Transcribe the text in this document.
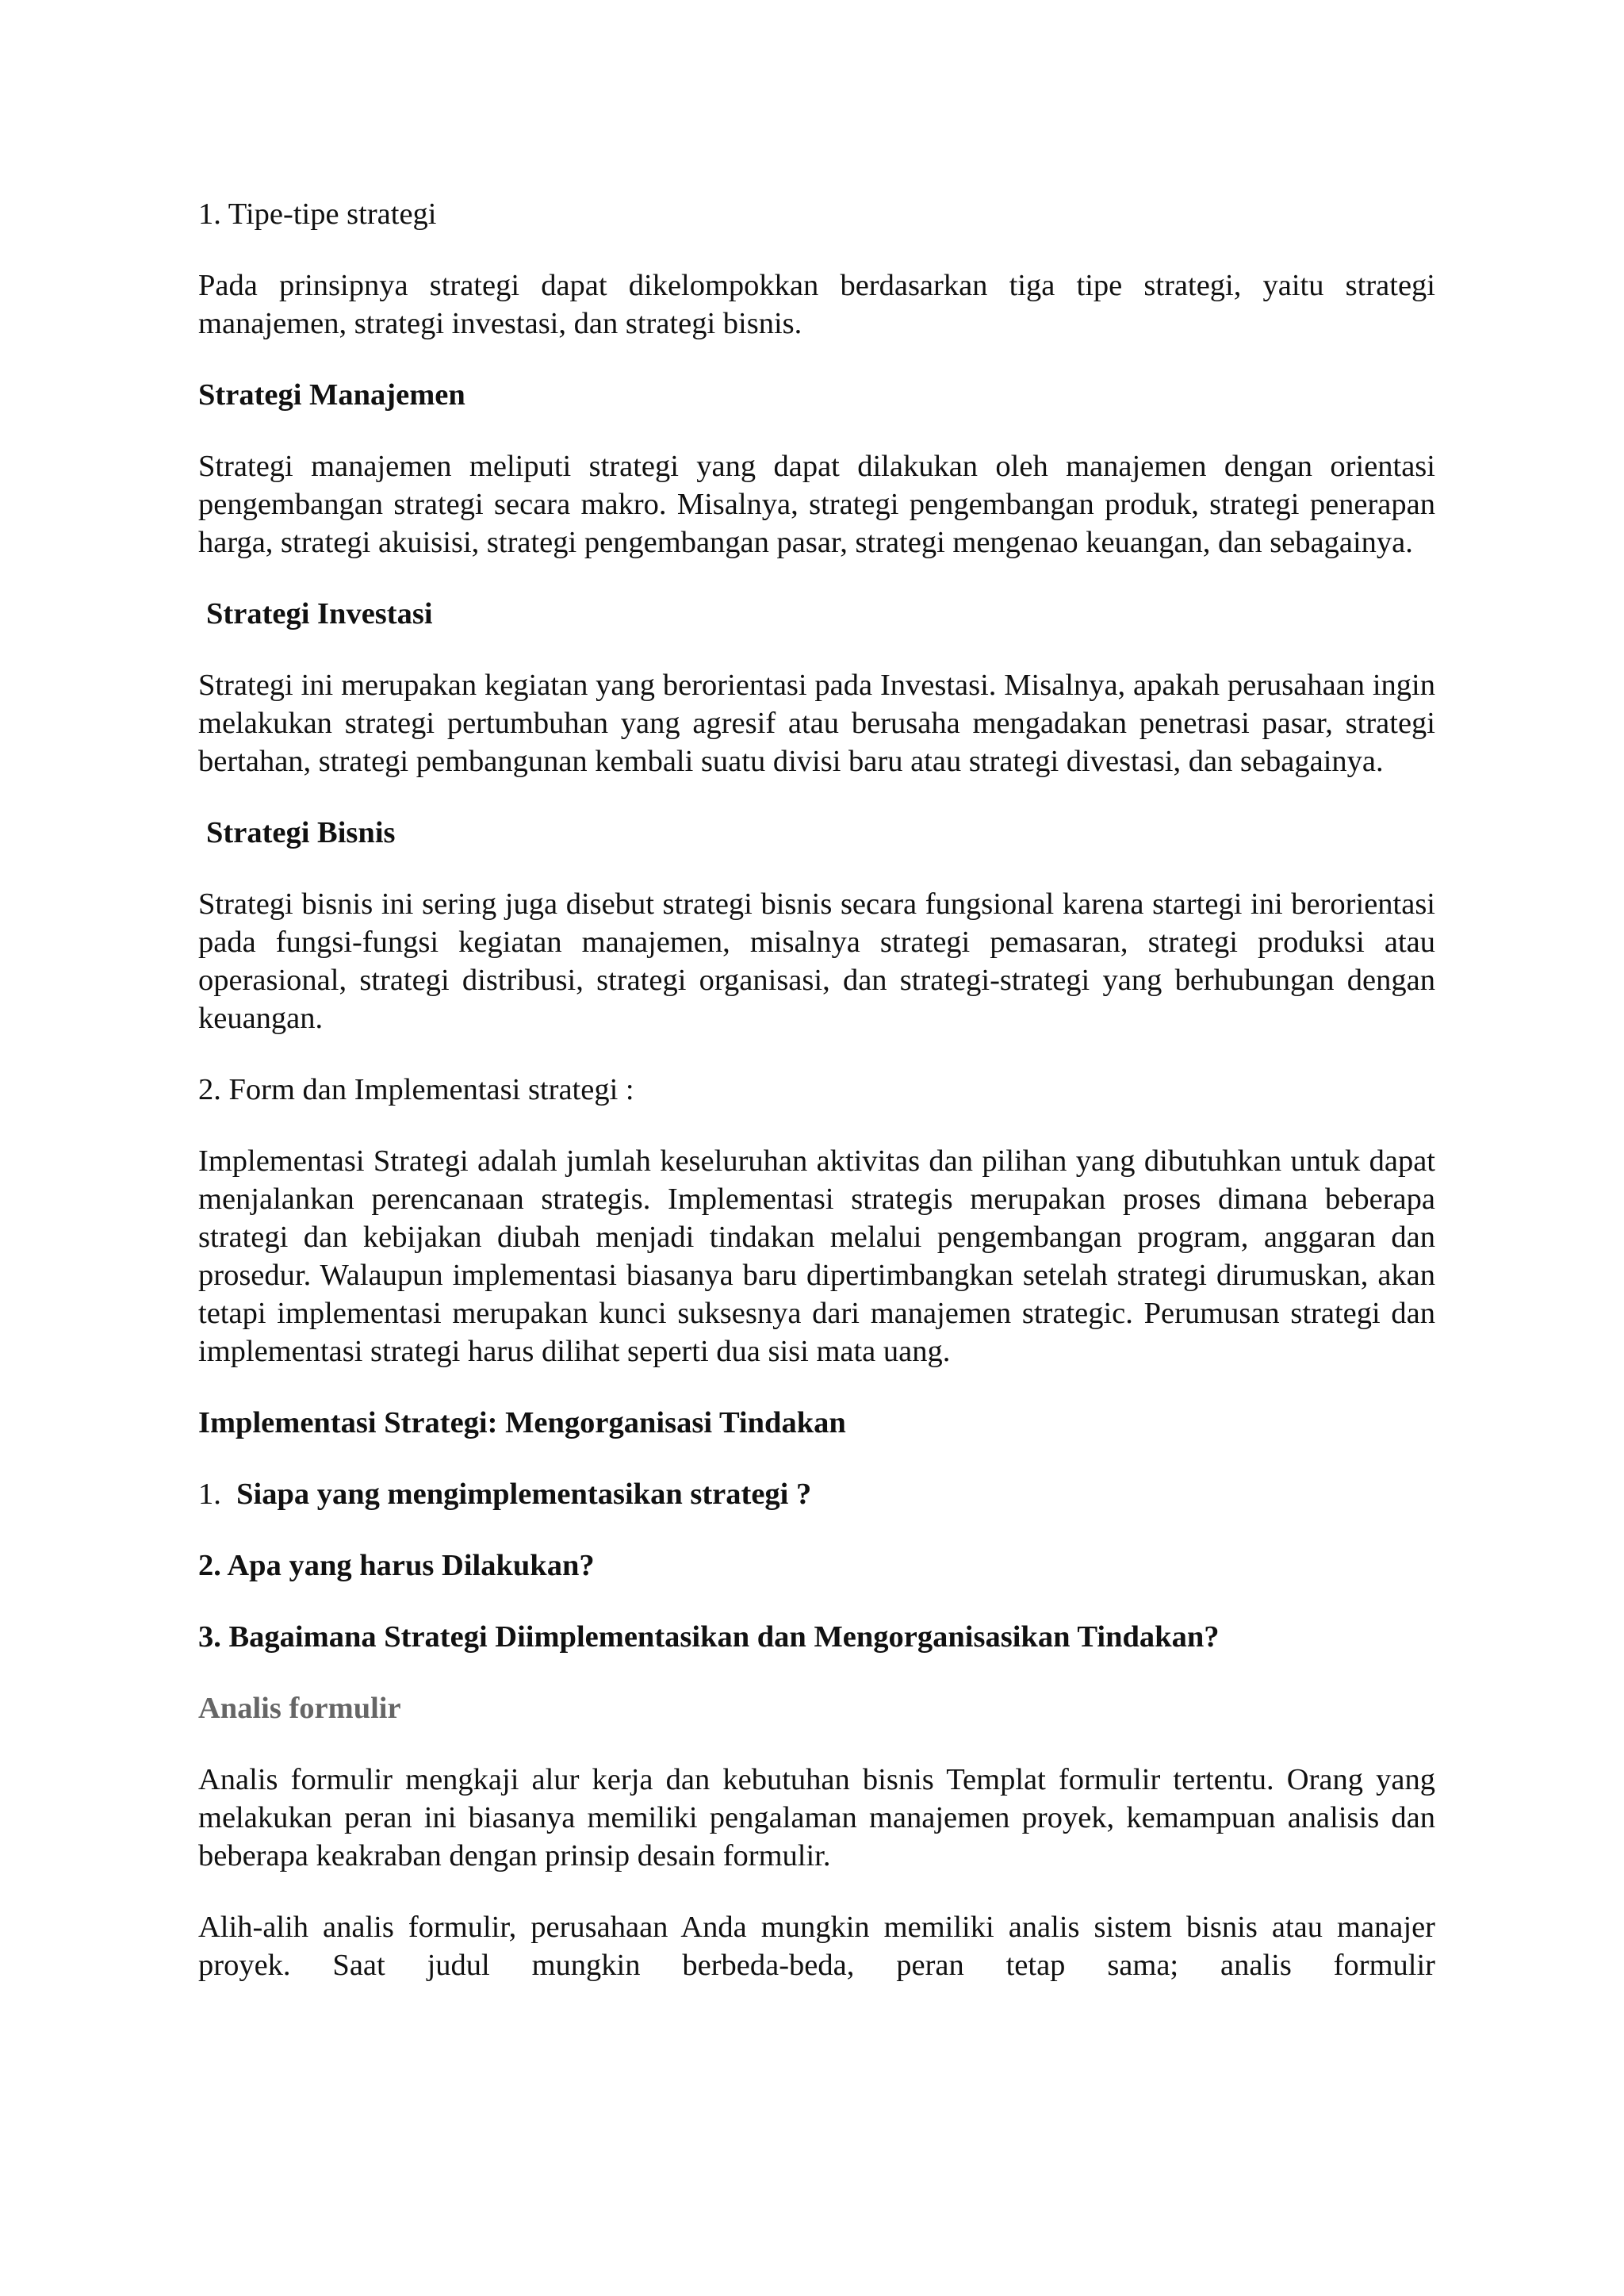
1. Tipe-tipe strategi

Pada prinsipnya strategi dapat dikelompokkan berdasarkan tiga tipe strategi, yaitu strategi manajemen, strategi investasi, dan strategi bisnis.

Strategi Manajemen

Strategi manajemen meliputi strategi yang dapat dilakukan oleh manajemen dengan orientasi pengembangan strategi secara makro. Misalnya, strategi pengembangan produk, strategi penerapan harga, strategi akuisisi, strategi pengembangan pasar, strategi mengenao keuangan, dan sebagainya.

Strategi Investasi

Strategi ini merupakan kegiatan yang berorientasi pada Investasi. Misalnya, apakah perusahaan ingin melakukan strategi pertumbuhan yang agresif atau berusaha mengadakan penetrasi pasar, strategi bertahan, strategi pembangunan kembali suatu divisi baru atau strategi divestasi, dan sebagainya.

Strategi Bisnis

Strategi bisnis ini sering juga disebut strategi bisnis secara fungsional karena startegi ini berorientasi pada fungsi-fungsi kegiatan manajemen, misalnya strategi pemasaran, strategi produksi atau operasional, strategi distribusi, strategi organisasi, dan strategi-strategi yang berhubungan dengan keuangan.

2. Form dan Implementasi strategi :

Implementasi Strategi adalah jumlah keseluruhan aktivitas dan pilihan yang dibutuhkan untuk dapat menjalankan perencanaan strategis. Implementasi strategis merupakan proses dimana beberapa strategi dan kebijakan diubah menjadi tindakan melalui pengembangan program, anggaran dan prosedur. Walaupun implementasi biasanya baru dipertimbangkan setelah strategi dirumuskan, akan tetapi implementasi merupakan kunci suksesnya dari manajemen strategic. Perumusan strategi dan implementasi strategi harus dilihat seperti dua sisi mata uang.

Implementasi Strategi: Mengorganisasi Tindakan

1. Siapa yang mengimplementasikan strategi ?

2. Apa yang harus Dilakukan?

3. Bagaimana Strategi Diimplementasikan dan Mengorganisasikan Tindakan?

Analis formulir

Analis formulir mengkaji alur kerja dan kebutuhan bisnis Templat formulir tertentu. Orang yang melakukan peran ini biasanya memiliki pengalaman manajemen proyek, kemampuan analisis dan beberapa keakraban dengan prinsip desain formulir.

Alih-alih analis formulir, perusahaan Anda mungkin memiliki analis sistem bisnis atau manajer proyek. Saat judul mungkin berbeda-beda, peran tetap sama; analis formulir
